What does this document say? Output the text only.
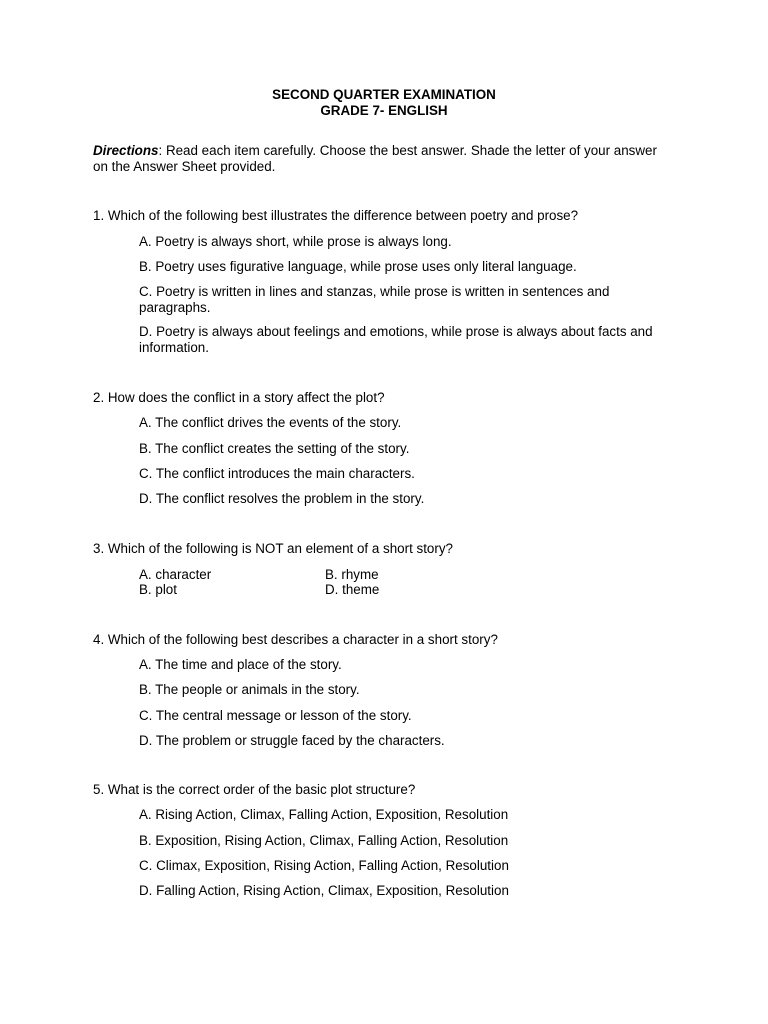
SECOND QUARTER EXAMINATION
GRADE 7- ENGLISH
Directions: Read each item carefully. Choose the best answer. Shade the letter of your answer on the Answer Sheet provided.
1. Which of the following best illustrates the difference between poetry and prose?
A. Poetry is always short, while prose is always long.
B. Poetry uses figurative language, while prose uses only literal language.
C. Poetry is written in lines and stanzas, while prose is written in sentences and paragraphs.
D. Poetry is always about feelings and emotions, while prose is always about facts and information.
2. How does the conflict in a story affect the plot?
A. The conflict drives the events of the story.
B. The conflict creates the setting of the story.
C. The conflict introduces the main characters.
D. The conflict resolves the problem in the story.
3. Which of the following is NOT an element of a short story?
A. character	B. rhyme
B. plot	D. theme
4. Which of the following best describes a character in a short story?
A. The time and place of the story.
B. The people or animals in the story.
C. The central message or lesson of the story.
D. The problem or struggle faced by the characters.
5. What is the correct order of the basic plot structure?
A. Rising Action, Climax, Falling Action, Exposition, Resolution
B. Exposition, Rising Action, Climax, Falling Action, Resolution
C. Climax, Exposition, Rising Action, Falling Action, Resolution
D. Falling Action, Rising Action, Climax, Exposition, Resolution
